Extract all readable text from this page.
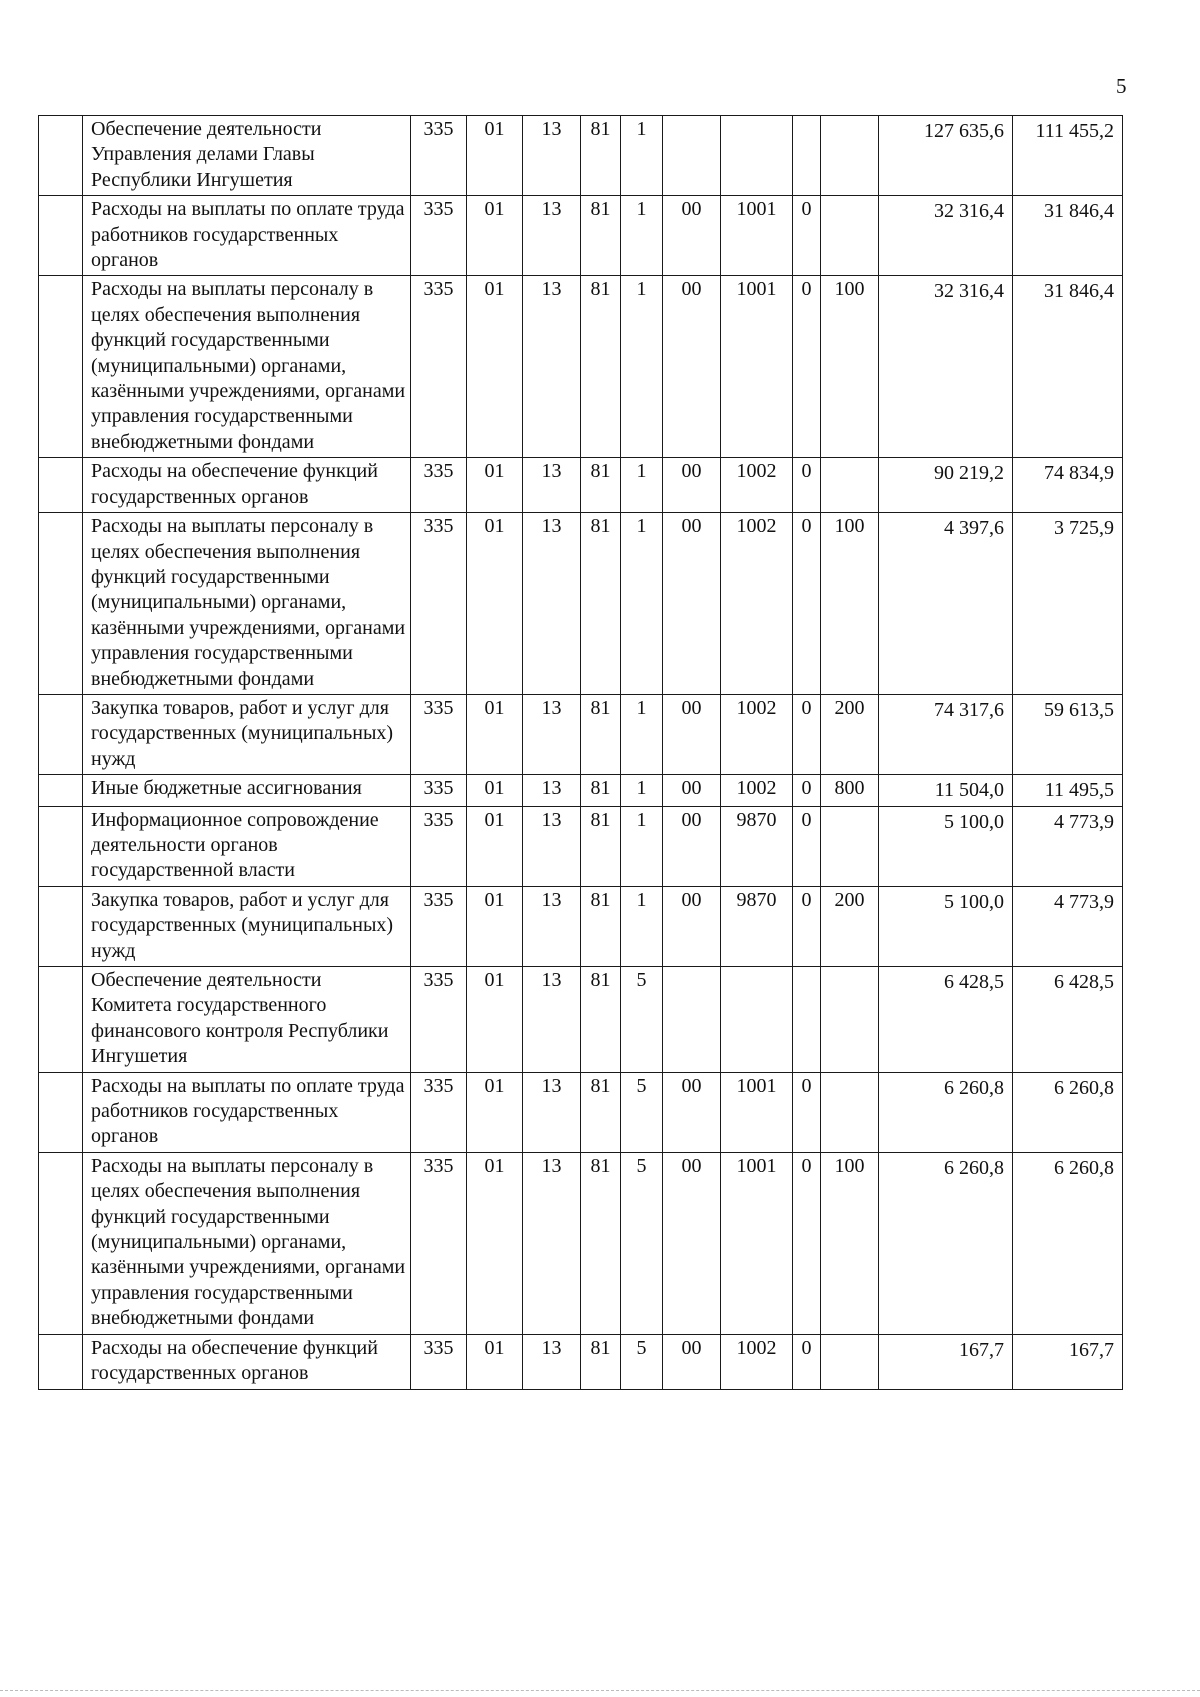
5
	Обеспечение деятельности Управления делами Главы Республики Ингушетия	335	01	13	81	1					127 635,6	111 455,2
	Расходы на выплаты по оплате труда работников государственных органов	335	01	13	81	1	00	1001	0		32 316,4	31 846,4
	Расходы на выплаты персоналу в целях обеспечения выполнения функций государственными (муниципальными) органами, казёнными учреждениями, органами управления государственными внебюджетными фондами	335	01	13	81	1	00	1001	0	100	32 316,4	31 846,4
	Расходы на обеспечение функций государственных органов	335	01	13	81	1	00	1002	0		90 219,2	74 834,9
	Расходы на выплаты персоналу в целях обеспечения выполнения функций государственными (муниципальными) органами, казёнными учреждениями, органами управления государственными внебюджетными фондами	335	01	13	81	1	00	1002	0	100	4 397,6	3 725,9
	Закупка товаров, работ и услуг для государственных (муниципальных) нужд	335	01	13	81	1	00	1002	0	200	74 317,6	59 613,5
	Иные бюджетные ассигнования	335	01	13	81	1	00	1002	0	800	11 504,0	11 495,5
	Информационное сопровождение деятельности органов государственной власти	335	01	13	81	1	00	9870	0		5 100,0	4 773,9
	Закупка товаров, работ и услуг для государственных (муниципальных) нужд	335	01	13	81	1	00	9870	0	200	5 100,0	4 773,9
	Обеспечение деятельности Комитета государственного финансового контроля Республики Ингушетия	335	01	13	81	5					6 428,5	6 428,5
	Расходы на выплаты по оплате труда работников государственных органов	335	01	13	81	5	00	1001	0		6 260,8	6 260,8
	Расходы на выплаты персоналу в целях обеспечения выполнения функций государственными (муниципальными) органами, казёнными учреждениями, органами управления государственными внебюджетными фондами	335	01	13	81	5	00	1001	0	100	6 260,8	6 260,8
	Расходы на обеспечение функций государственных органов	335	01	13	81	5	00	1002	0		167,7	167,7
